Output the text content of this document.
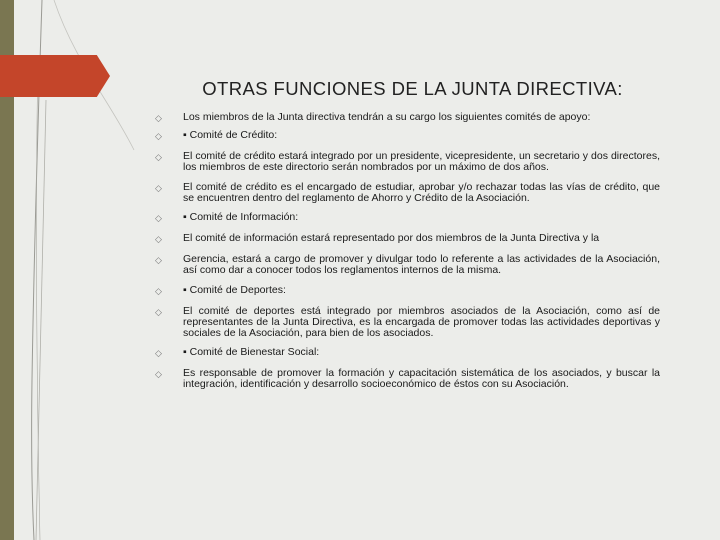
OTRAS FUNCIONES DE LA JUNTA DIRECTIVA:
◇ Los miembros de la Junta directiva tendrán a su cargo los siguientes comités de apoyo:
◇ ▪ Comité de Crédito:
◇ El comité de crédito estará integrado por un presidente, vicepresidente, un secretario y dos directores, los miembros de este directorio serán nombrados por un máximo de dos años.
◇ El comité de crédito es el encargado de estudiar, aprobar y/o rechazar todas las vías de crédito, que se encuentren dentro del reglamento de Ahorro y Crédito de la Asociación.
◇ ▪ Comité de Información:
◇ El comité de información estará representado por dos miembros de la Junta Directiva y la
◇ Gerencia, estará a cargo de promover y divulgar todo lo referente a las actividades de la Asociación, así como dar a conocer todos los reglamentos internos de la misma.
◇ ▪ Comité de Deportes:
◇ El comité de deportes está integrado por miembros asociados de la Asociación, como así de representantes de la Junta Directiva, es la encargada de promover todas las actividades deportivas y sociales de la Asociación, para bien de los asociados.
◇ ▪ Comité de Bienestar Social:
◇ Es responsable de promover la formación y capacitación sistemática de los asociados, y buscar la integración, identificación y desarrollo socioeconómico de éstos con su Asociación.
